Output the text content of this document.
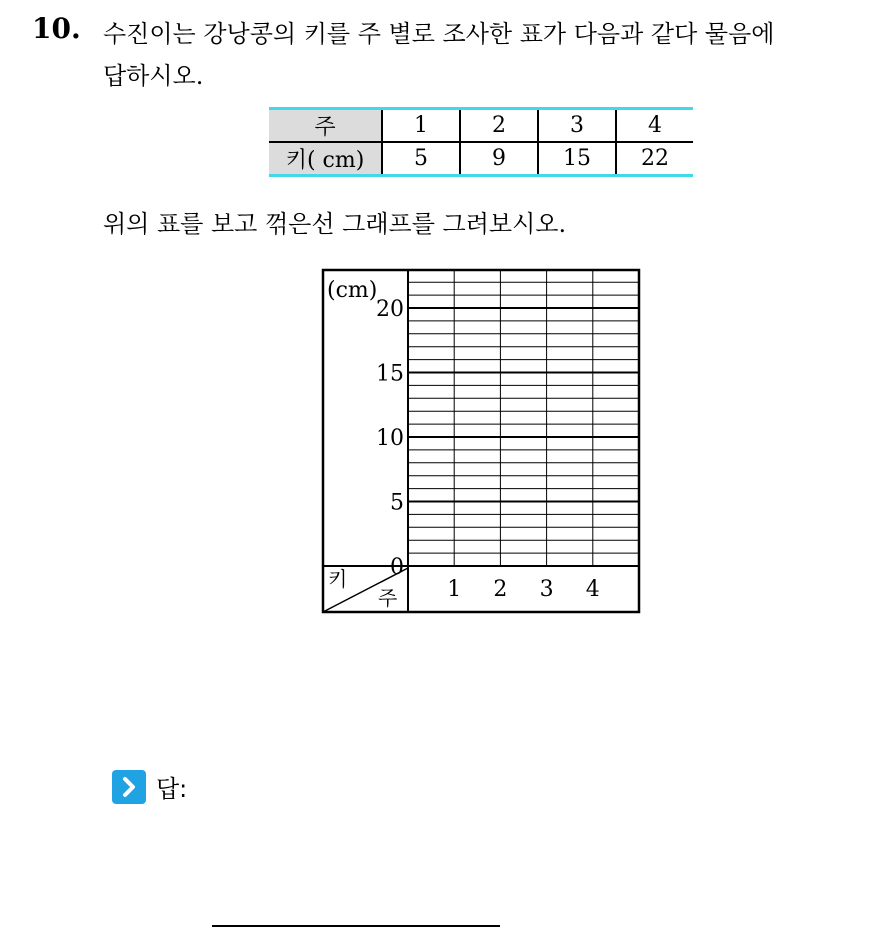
10. 수진이는 강낭콩의 키를 주 별로 조사한 표가 다음과 같다 물음에
답하시오.
주	1	2	3	4
키( cm)	5	9	15	22
위의 표를 보고 꺾은선 그래프를 그려보시오.
(cm)
0
5
10
15
20
1 2 3 4
키
주
답:
